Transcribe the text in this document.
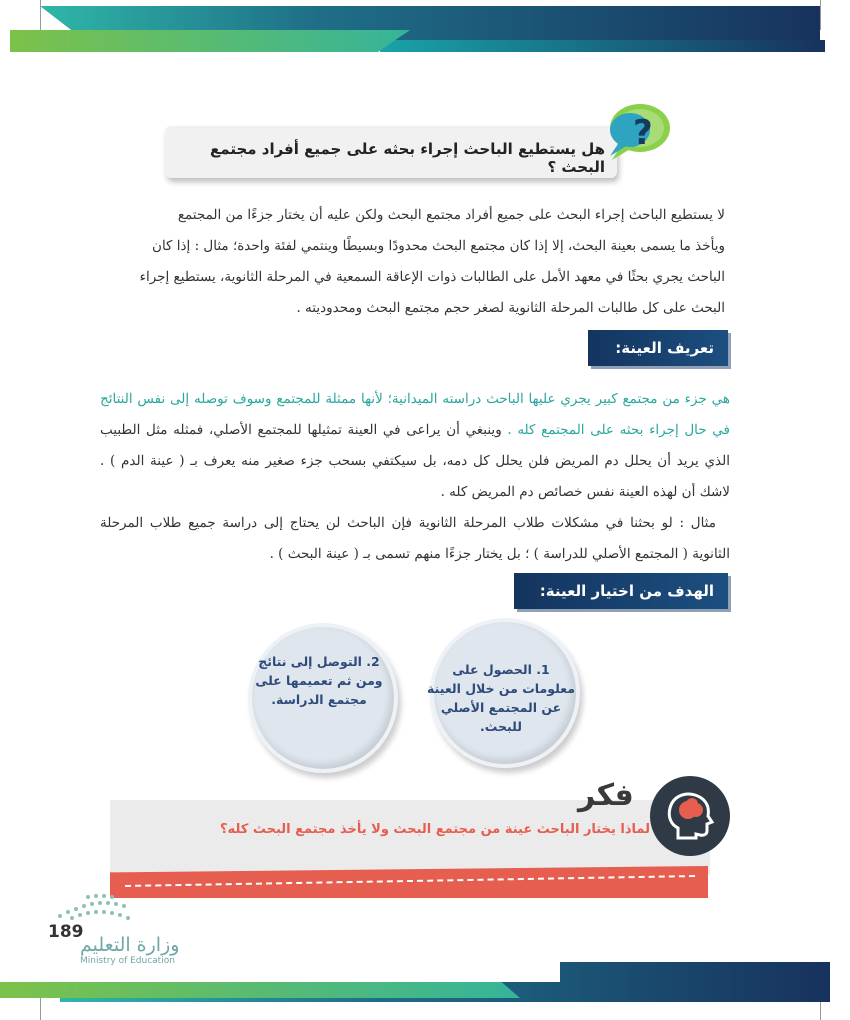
هل يستطيع الباحث إجراء بحثه على جميع أفراد مجتمع البحث ؟
?
لا يستطيع الباحث إجراء البحث على جميع أفراد مجتمع البحث ولكن عليه أن يختار جزءًا من المجتمع
ويأخذ ما يسمى بعينة البحث، إلا إذا كان مجتمع البحث محدودًا وبسيطًا وينتمي لفئة واحدة؛ مثال : إذا كان
الباحث يجري بحثًا في معهد الأمل على الطالبات ذوات الإعاقة السمعية في المرحلة الثانوية، يستطيع إجراء
البحث على كل طالبات المرحلة الثانوية لصغر حجم مجتمع البحث ومحدوديته .
تعريف العينة:
هي جزء من مجتمع كبير يجري عليها الباحث دراسته الميدانية؛ لأنها ممثلة للمجتمع وسوف توصله إلى نفس النتائج في حال إجراء بحثه على المجتمع كله . وينبغي أن يراعى في العينة تمثيلها للمجتمع الأصلي، فمثله مثل الطبيب الذي يريد أن يحلل دم المريض فلن يحلل كل دمه، بل سيكتفي بسحب جزء صغير منه يعرف بـ ( عينة الدم ) . لاشك أن لهذه العينة نفس خصائص دم المريض كله .
مثال : لو بحثنا في مشكلات طلاب المرحلة الثانوية فإن الباحث لن يحتاج إلى دراسة جميع طلاب المرحلة الثانوية ( المجتمع الأصلي للدراسة ) ؛ بل يختار جزءًا منهم تسمى بـ ( عينة البحث ) .
الهدف من اختيار العينة:
1. الحصول على معلومات من خلال العينة عن المجتمع الأصلي للبحث.
2. التوصل إلى نتائج ومن ثم تعميمها على مجتمع الدراسة.
فكر
لماذا يختار الباحث عينة من مجتمع البحث ولا يأخذ مجتمع البحث كله؟
189
وزارة التعليم
Ministry of Education
